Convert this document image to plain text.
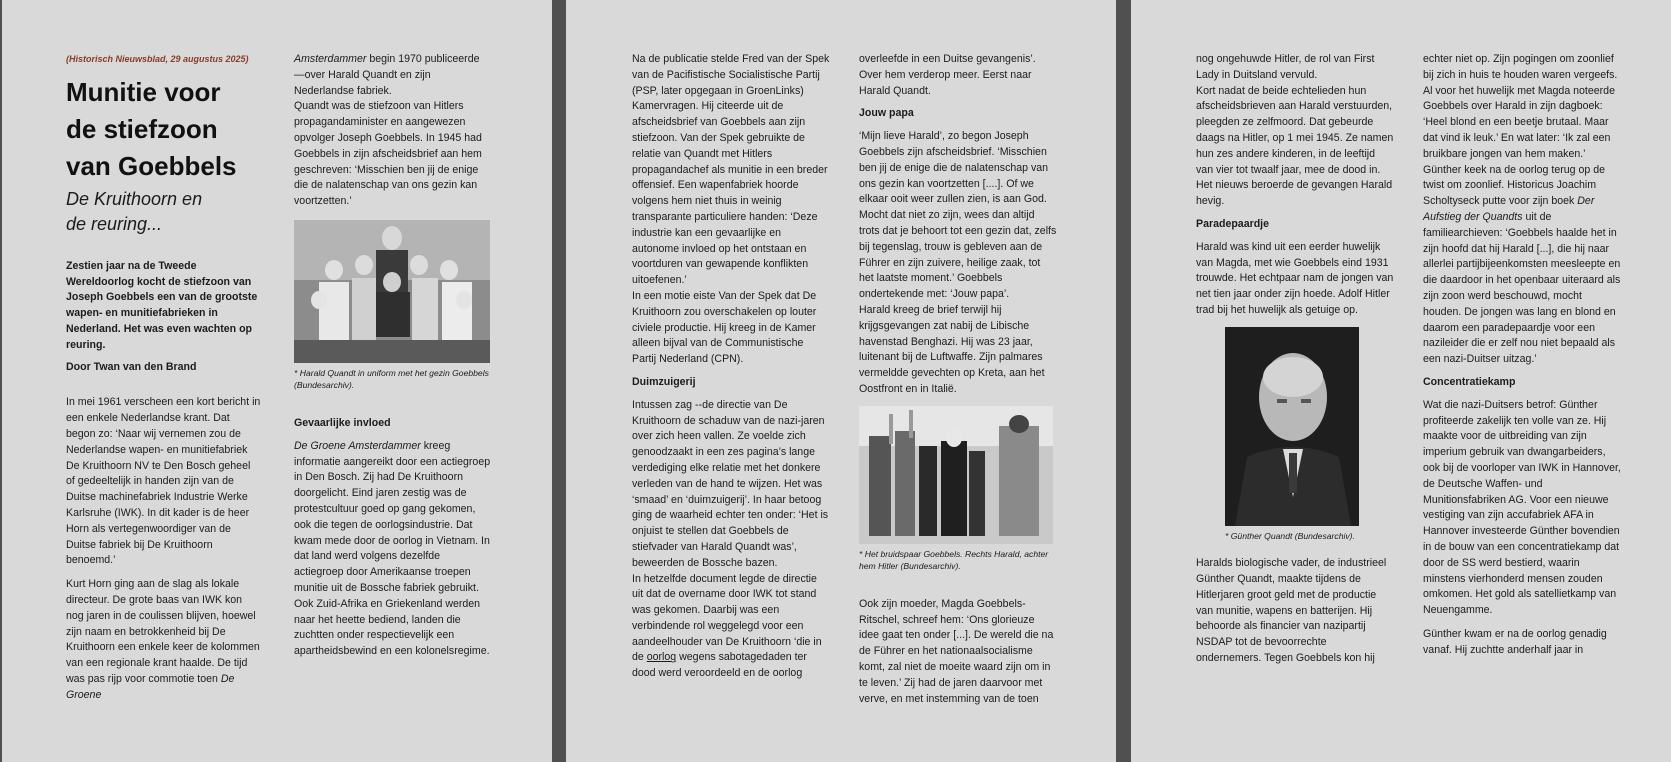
(Historisch Nieuwsblad, 29 augustus 2025)
Munitie voor
de stiefzoon
van Goebbels
De Kruithoorn en
de reuring...
Zestien jaar na de Tweede Wereldoorlog kocht de stiefzoon van Joseph Goebbels een van de grootste wapen- en munitiefabrieken in Nederland. Het was even wachten op reuring.
Door Twan van den Brand

In mei 1961 verscheen een kort bericht in een enkele Nederlandse krant. Dat begon zo: ‘Naar wij vernemen zou de Nederlandse wapen- en munitiefabriek De Kruithoorn NV te Den Bosch geheel of gedeeltelijk in handen zijn van de Duitse machinefabriek Industrie Werke Karlsruhe (IWK). In dit kader is de heer Horn als vertegenwoordiger van de Duitse fabriek bij De Kruithoorn benoemd.’

Kurt Horn ging aan de slag als lokale directeur. De grote baas van IWK kon nog jaren in de coulissen blijven, hoewel zijn naam en betrokkenheid bij De Kruithoorn een enkele keer de kolommen van een regionale krant haalde. De tijd was pas rijp voor commotie toen De Groene

Amsterdammer begin 1970 publiceerde —over Harald Quandt en zijn Nederlandse fabriek.

Quandt was de stiefzoon van Hitlers propagandaminister en aangewezen opvolger Joseph Goebbels. In 1945 had Goebbels in zijn afscheidsbrief aan hem geschreven: ‘Misschien ben jij de enige die de nalatenschap van ons gezin kan voortzetten.’

* Harald Quandt in uniform met het gezin Goebbels (Bundesarchiv).
Gevaarlijke invloed

De Groene Amsterdammer kreeg informatie aangereikt door een actiegroep in Den Bosch. Zij had De Kruithoorn doorgelicht. Eind jaren zestig was de protestcultuur goed op gang gekomen, ook die tegen de oorlogsindustrie. Dat kwam mede door de oorlog in Vietnam. In dat land werd volgens dezelfde actiegroep door Amerikaanse troepen munitie uit de Bossche fabriek gebruikt. Ook Zuid-Afrika en Griekenland werden naar het heette bediend, landen die zuchtten onder respectievelijk een apartheidsbewind en een kolonelsregime.

Na de publicatie stelde Fred van der Spek van de Pacifistische Socialistische Partij (PSP, later opgegaan in GroenLinks) Kamervragen. Hij citeerde uit de afscheidsbrief van Goebbels aan zijn stiefzoon. Van der Spek gebruikte de relatie van Quandt met Hitlers propagandachef als munitie in een breder offensief. Een wapenfabriek hoorde volgens hem niet thuis in weinig transparante particuliere handen: ‘Deze industrie kan een gevaarlijke en autonome invloed op het ontstaan en voortduren van gewapende konflikten uitoefenen.’

In een motie eiste Van der Spek dat De Kruithoorn zou overschakelen op louter civiele productie. Hij kreeg in de Kamer alleen bijval van de Communistische Partij Nederland (CPN).

Duimzuigerij

Intussen zag --de directie van De Kruithoorn de schaduw van de nazi-jaren over zich heen vallen. Ze voelde zich genoodzaakt in een zes pagina’s lange verdediging elke relatie met het donkere verleden van de hand te wijzen. Het was ‘smaad’ en ‘duimzuigerij’. In haar betoog ging de waarheid echter ten onder: ‘Het is onjuist te stellen dat Goebbels de stiefvader van Harald Quandt was’, beweerden de Bossche bazen.

In hetzelfde document legde de directie uit dat de overname door IWK tot stand was gekomen. Daarbij was een verbindende rol weggelegd voor een aandeelhouder van De Kruithoorn ‘die in de oorlog wegens sabotagedaden ter dood werd veroordeeld en de oorlog

overleefde in een Duitse gevangenis’. Over hem verderop meer. Eerst naar Harald Quandt.

Jouw papa

‘Mijn lieve Harald’, zo begon Joseph Goebbels zijn afscheidsbrief. ‘Misschien ben jij de enige die de nalatenschap van ons gezin kan voortzetten [....]. Of we elkaar ooit weer zullen zien, is aan God. Mocht dat niet zo zijn, wees dan altijd trots dat je behoort tot een gezin dat, zelfs bij tegenslag, trouw is gebleven aan de Führer en zijn zuivere, heilige zaak, tot het laatste moment.’ Goebbels ondertekende met: ‘Jouw papa’.

Harald kreeg de brief terwijl hij krijgsgevangen zat nabij de Libische havenstad Benghazi. Hij was 23 jaar, luitenant bij de Luftwaffe. Zijn palmares vermeldde gevechten op Kreta, aan het Oostfront en in Italië.

* Het bruidspaar Goebbels. Rechts Harald, achter hem Hitler (Bundesarchiv).

Ook zijn moeder, Magda Goebbels-Ritschel, schreef hem: ‘Ons glorieuze idee gaat ten onder [...]. De wereld die na de Führer en het nationaalsocialisme komt, zal niet de moeite waard zijn om in te leven.’ Zij had de jaren daarvoor met verve, en met instemming van de toen

nog ongehuwde Hitler, de rol van First Lady in Duitsland vervuld.

Kort nadat de beide echtelieden hun afscheidsbrieven aan Harald verstuurden, pleegden ze zelfmoord. Dat gebeurde daags na Hitler, op 1 mei 1945. Ze namen hun zes andere kinderen, in de leeftijd van vier tot twaalf jaar, mee de dood in.

Het nieuws beroerde de gevangen Harald hevig.

Paradepaardje

Harald was kind uit een eerder huwelijk van Magda, met wie Goebbels eind 1931 trouwde. Het echtpaar nam de jongen van net tien jaar onder zijn hoede. Adolf Hitler trad bij het huwelijk als getuige op.

* Günther Quandt (Bundesarchiv).

Haralds biologische vader, de industrieel Günther Quandt, maakte tijdens de Hitlerjaren groot geld met de productie van munitie, wapens en batterijen. Hij behoorde als financier van nazipartij NSDAP tot de bevoorrechte ondernemers. Tegen Goebbels kon hij

echter niet op. Zijn pogingen om zoonlief bij zich in huis te houden waren vergeefs.

Al voor het huwelijk met Magda noteerde Goebbels over Harald in zijn dagboek: ‘Heel blond en een beetje brutaal. Maar dat vind ik leuk.’ En wat later: ‘Ik zal een bruikbare jongen van hem maken.’ Günther keek na de oorlog terug op de twist om zoonlief. Historicus Joachim Scholtyseck putte voor zijn boek Der Aufstieg der Quandts uit de familiearchieven: ‘Goebbels haalde het in zijn hoofd dat hij Harald [...], die hij naar allerlei partijbijeenkomsten meesleepte en die daardoor in het openbaar uiteraard als zijn zoon werd beschouwd, mocht houden. De jongen was lang en blond en daarom een paradepaardje voor een nazileider die er zelf nou niet bepaald als een nazi-Duitser uitzag.’

Concentratiekamp

Wat die nazi-Duitsers betrof: Günther profiteerde zakelijk ten volle van ze. Hij maakte voor de uitbreiding van zijn imperium gebruik van dwangarbeiders, ook bij de voorloper van IWK in Hannover, de Deutsche Waffen- und Munitionsfabriken AG. Voor een nieuwe vestiging van zijn accufabriek AFA in Hannover investeerde Günther bovendien in de bouw van een concentratiekamp dat door de SS werd bestierd, waarin minstens vierhonderd mensen zouden omkomen. Het gold als satellietkamp van Neuengamme.

Günther kwam er na de oorlog genadig vanaf. Hij zuchtte anderhalf jaar in
